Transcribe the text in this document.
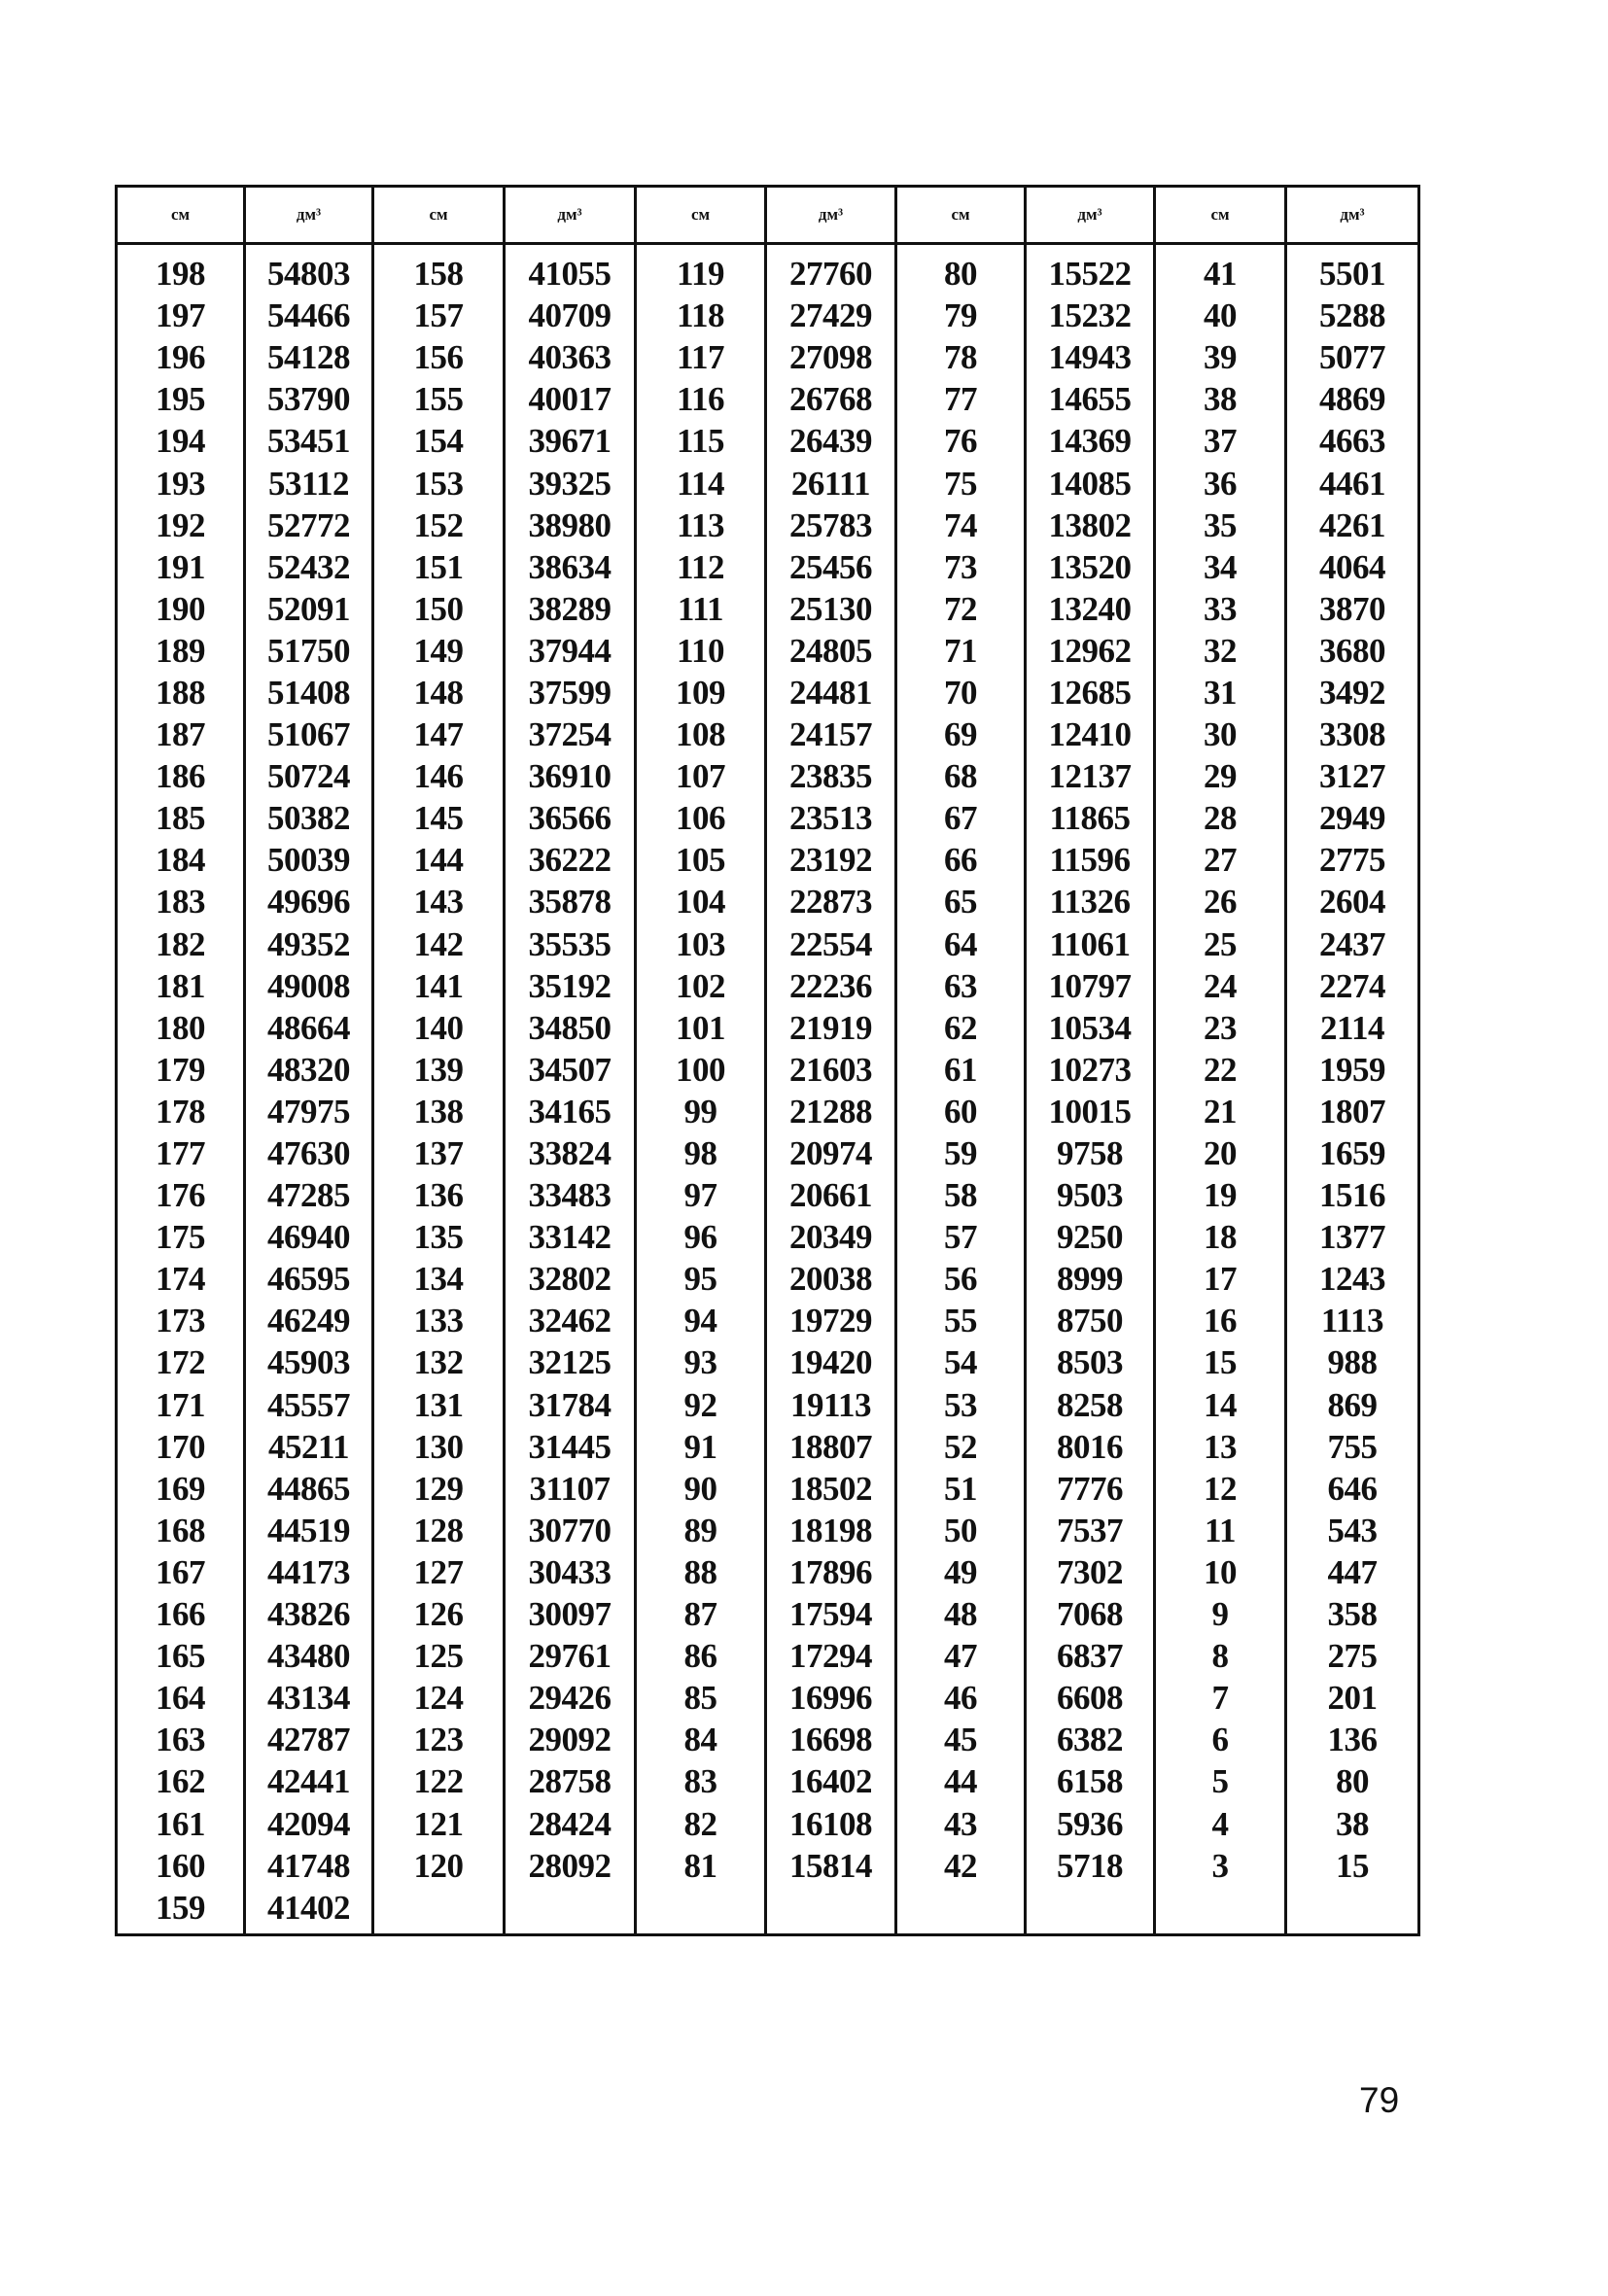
см	дм³	см	дм³	см	дм³	см	дм³	см	дм³
198	54803	158	41055	119	27760	80	15522	41	5501
197	54466	157	40709	118	27429	79	15232	40	5288
196	54128	156	40363	117	27098	78	14943	39	5077
195	53790	155	40017	116	26768	77	14655	38	4869
194	53451	154	39671	115	26439	76	14369	37	4663
193	53112	153	39325	114	26111	75	14085	36	4461
192	52772	152	38980	113	25783	74	13802	35	4261
191	52432	151	38634	112	25456	73	13520	34	4064
190	52091	150	38289	111	25130	72	13240	33	3870
189	51750	149	37944	110	24805	71	12962	32	3680
188	51408	148	37599	109	24481	70	12685	31	3492
187	51067	147	37254	108	24157	69	12410	30	3308
186	50724	146	36910	107	23835	68	12137	29	3127
185	50382	145	36566	106	23513	67	11865	28	2949
184	50039	144	36222	105	23192	66	11596	27	2775
183	49696	143	35878	104	22873	65	11326	26	2604
182	49352	142	35535	103	22554	64	11061	25	2437
181	49008	141	35192	102	22236	63	10797	24	2274
180	48664	140	34850	101	21919	62	10534	23	2114
179	48320	139	34507	100	21603	61	10273	22	1959
178	47975	138	34165	99	21288	60	10015	21	1807
177	47630	137	33824	98	20974	59	9758	20	1659
176	47285	136	33483	97	20661	58	9503	19	1516
175	46940	135	33142	96	20349	57	9250	18	1377
174	46595	134	32802	95	20038	56	8999	17	1243
173	46249	133	32462	94	19729	55	8750	16	1113
172	45903	132	32125	93	19420	54	8503	15	988
171	45557	131	31784	92	19113	53	8258	14	869
170	45211	130	31445	91	18807	52	8016	13	755
169	44865	129	31107	90	18502	51	7776	12	646
168	44519	128	30770	89	18198	50	7537	11	543
167	44173	127	30433	88	17896	49	7302	10	447
166	43826	126	30097	87	17594	48	7068	9	358
165	43480	125	29761	86	17294	47	6837	8	275
164	43134	124	29426	85	16996	46	6608	7	201
163	42787	123	29092	84	16698	45	6382	6	136
162	42441	122	28758	83	16402	44	6158	5	80
161	42094	121	28424	82	16108	43	5936	4	38
160	41748	120	28092	81	15814	42	5718	3	15
159	41402								
79
